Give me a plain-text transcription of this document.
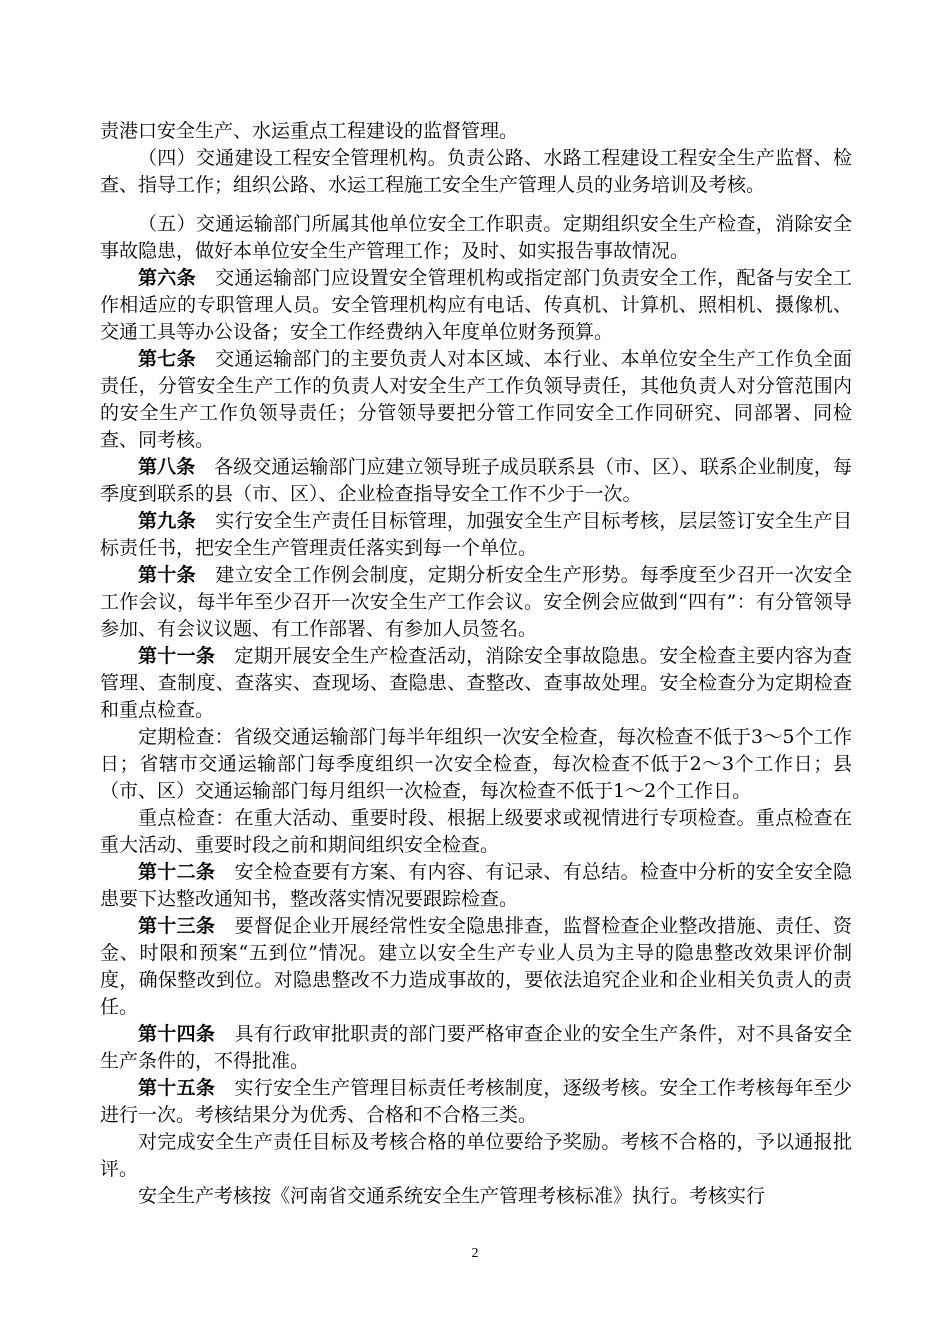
责港口安全生产、水运重点工程建设的监督管理。

（四）交通建设工程安全管理机构。负责公路、水路工程建设工程安全生产监督、检查、指导工作；组织公路、水运工程施工安全生产管理人员的业务培训及考核。

（五）交通运输部门所属其他单位安全工作职责。定期组织安全生产检查，消除安全事故隐患，做好本单位安全生产管理工作；及时、如实报告事故情况。

第六条　 交通运输部门应设置安全管理机构或指定部门负责安全工作，配备与安全工作相适应的专职管理人员。安全管理机构应有电话、传真机、计算机、照相机、摄像机、交通工具等办公设备；安全工作经费纳入年度单位财务预算。

第七条　 交通运输部门的主要负责人对本区域、本行业、本单位安全生产工作负全面责任，分管安全生产工作的负责人对安全生产工作负领导责任，其他负责人对分管范围内的安全生产工作负领导责任；分管领导要把分管工作同安全工作同研究、同部署、同检查、同考核。

第八条　 各级交通运输部门应建立领导班子成员联系县（市、区）、联系企业制度，每季度到联系的县（市、区）、企业检查指导安全工作不少于一次。

第九条　 实行安全生产责任目标管理，加强安全生产目标考核，层层签订安全生产目标责任书，把安全生产管理责任落实到每一个单位。

第十条　 建立安全工作例会制度，定期分析安全生产形势。每季度至少召开一次安全工作会议，每半年至少召开一次安全生产工作会议。安全例会应做到“四有”：有分管领导参加、有会议议题、有工作部署、有参加人员签名。

第十一条　 定期开展安全生产检查活动，消除安全事故隐患。安全检查主要内容为查管理、查制度、查落实、查现场、查隐患、查整改、查事故处理。安全检查分为定期检查和重点检查。

定期检查：省级交通运输部门每半年组织一次安全检查，每次检查不低于3～5个工作日；省辖市交通运输部门每季度组织一次安全检查，每次检查不低于2～3个工作日；县（市、区）交通运输部门每月组织一次检查，每次检查不低于1～2个工作日。

重点检查：在重大活动、重要时段、根据上级要求或视情进行专项检查。重点检查在重大活动、重要时段之前和期间组织安全检查。

第十二条　 安全检查要有方案、有内容、有记录、有总结。检查中分析的安全安全隐患要下达整改通知书，整改落实情况要跟踪检查。

第十三条　 要督促企业开展经常性安全隐患排查，监督检查企业整改措施、责任、资金、时限和预案“五到位”情况。建立以安全生产专业人员为主导的隐患整改效果评价制度，确保整改到位。对隐患整改不力造成事故的，要依法追究企业和企业相关负责人的责任。

第十四条　 具有行政审批职责的部门要严格审查企业的安全生产条件，对不具备安全生产条件的，不得批准。

第十五条　 实行安全生产管理目标责任考核制度，逐级考核。安全工作考核每年至少进行一次。考核结果分为优秀、合格和不合格三类。

对完成安全生产责任目标及考核合格的单位要给予奖励。考核不合格的，予以通报批评。

安全生产考核按《河南省交通系统安全生产管理考核标准》执行。考核实行

2
